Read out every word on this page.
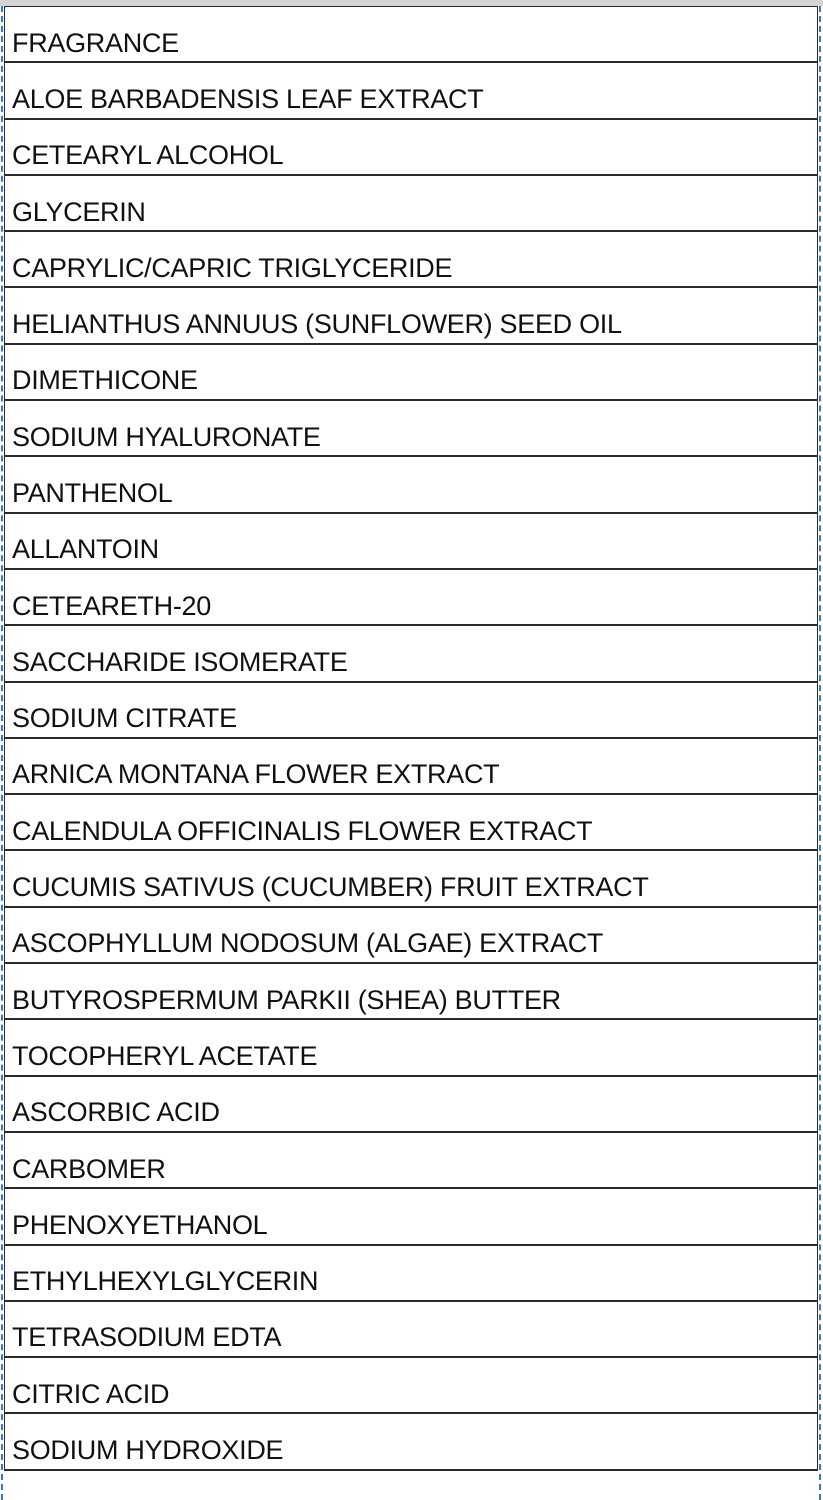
FRAGRANCE
ALOE BARBADENSIS LEAF EXTRACT
CETEARYL ALCOHOL
GLYCERIN
CAPRYLIC/CAPRIC TRIGLYCERIDE
HELIANTHUS ANNUUS (SUNFLOWER) SEED OIL
DIMETHICONE
SODIUM HYALURONATE
PANTHENOL
ALLANTOIN
CETEARETH-20
SACCHARIDE ISOMERATE
SODIUM CITRATE
ARNICA MONTANA FLOWER EXTRACT
CALENDULA OFFICINALIS FLOWER EXTRACT
CUCUMIS SATIVUS (CUCUMBER) FRUIT EXTRACT
ASCOPHYLLUM NODOSUM (ALGAE) EXTRACT
BUTYROSPERMUM PARKII (SHEA) BUTTER
TOCOPHERYL ACETATE
ASCORBIC ACID
CARBOMER
PHENOXYETHANOL
ETHYLHEXYLGLYCERIN
TETRASODIUM EDTA
CITRIC ACID
SODIUM HYDROXIDE
